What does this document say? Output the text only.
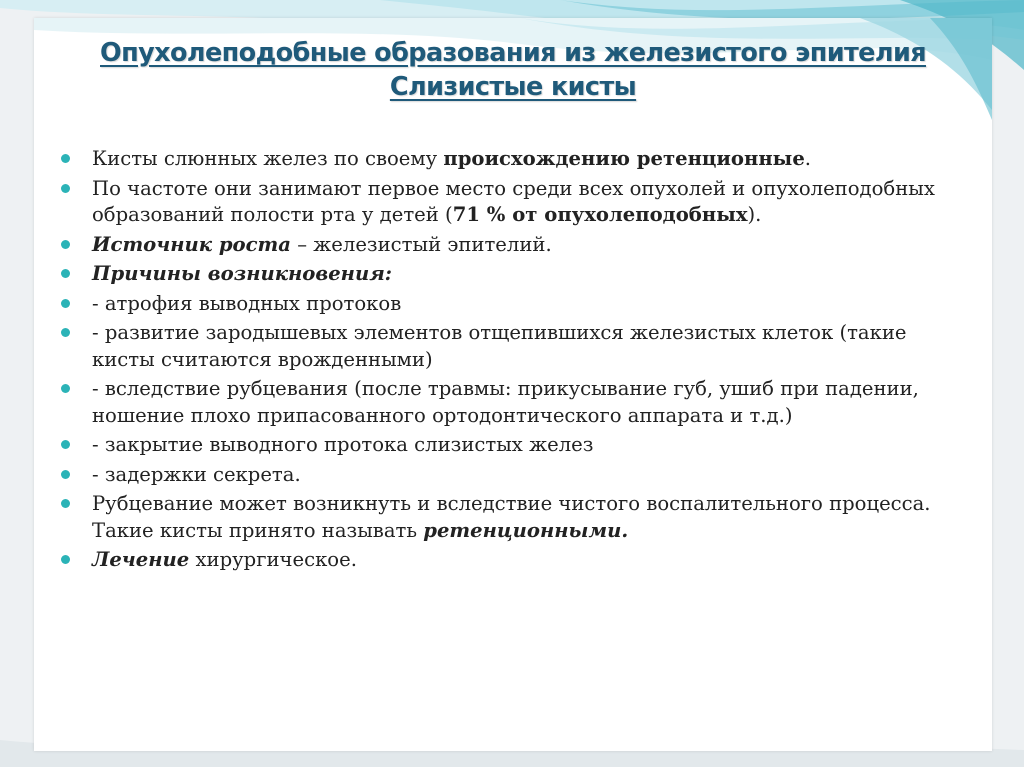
Опухолеподобные образования из железистого эпителия
Слизистые кисты
Кисты слюнных желез по своему происхождению ретенционные.
По частоте они занимают первое место среди всех опухолей и опухолеподобных образований полости рта у детей (71 % от опухолеподобных).
Источник роста – железистый эпителий.
Причины возникновения:
- атрофия выводных протоков
- развитие зародышевых элементов отщепившихся железистых клеток (такие кисты считаются врожденными)
- вследствие рубцевания (после травмы: прикусывание губ, ушиб при падении, ношение плохо припасованного ортодонтического аппарата и т.д.)
- закрытие выводного протока слизистых желез
- задержки секрета.
Рубцевание может возникнуть и вследствие чистого воспалительного процесса. Такие кисты принято называть ретенционными.
Лечение хирургическое.
